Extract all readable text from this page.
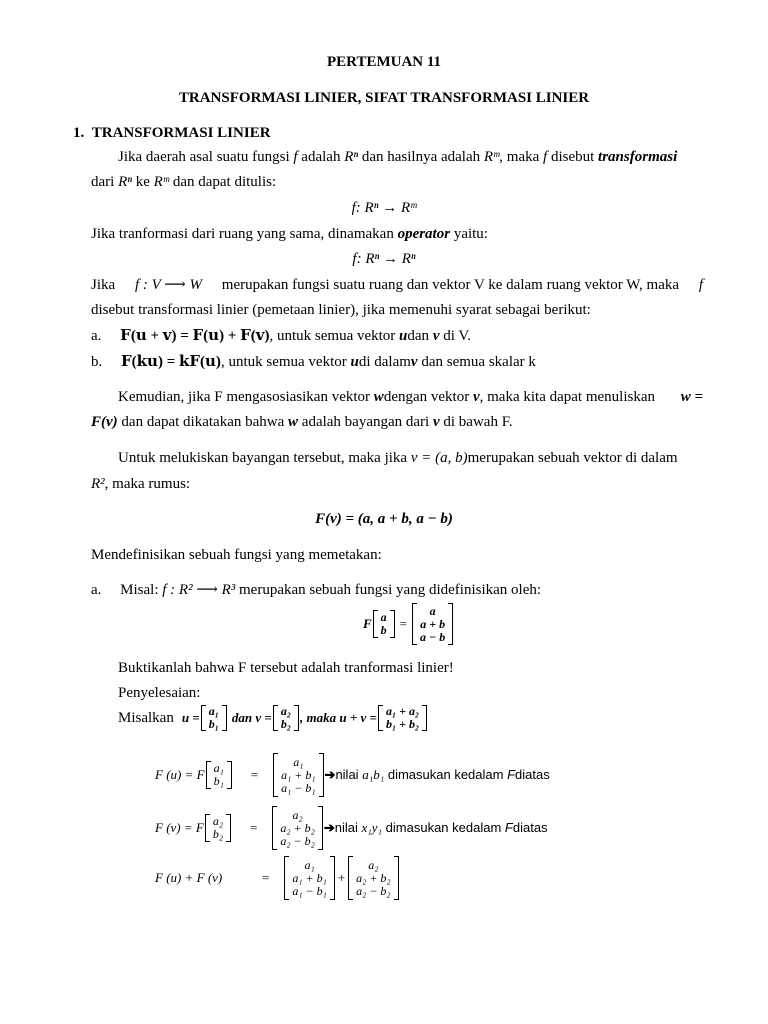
PERTEMUAN 11
TRANSFORMASI LINIER, SIFAT TRANSFORMASI LINIER
1. TRANSFORMASI LINIER
Jika daerah asal suatu fungsi f adalah Rⁿ dan hasilnya adalah Rᵐ, maka f disebut transformasi
dari Rⁿ ke Rᵐ dan dapat ditulis:
f: Rⁿ → Rᵐ
Jika tranformasi dari ruang yang sama, dinamakan operator yaitu:
f: Rⁿ → Rⁿ
Jika f : V ⟶ W merupakan fungsi suatu ruang dan vektor V ke dalam ruang vektor W, maka f
disebut transformasi linier (pemetaan linier), jika memenuhi syarat sebagai berikut:
a. 𝐅(𝐮 + 𝐯) = 𝐅(𝐮) + 𝐅(𝐯), untuk semua vektor udan v di V.
b. 𝐅(𝐤𝐮) = 𝐤𝐅(𝐮), untuk semua vektor udi dalamv dan semua skalar k
Kemudian, jika F mengasosiasikan vektor wdengan vektor v, maka kita dapat menuliskan w =
F(v) dan dapat dikatakan bahwa w adalah bayangan dari v di bawah F.
Untuk melukiskan bayangan tersebut, maka jika v = (a, b)merupakan sebuah vektor di dalam
R², maka rumus:
F(v) = (a, a + b, a − b)
Mendefinisikan sebuah fungsi yang memetakan:
a. Misal: f : R² ⟶ R³ merupakan sebuah fungsi yang didefinisikan oleh:
F a
b =
a
a + b
a − b
Buktikanlah bahwa F tersebut adalah tranformasi linier!
Penyelesaian:
Misalkan u = a₁
b₁ dan v = a₂
b₂ , maka u + v = a₁ + a₂
b₁ + b₂
F (u) = F a₁
b₁ =
a₁
a₁ + b₁
a₁ − b₁
➔ nilai a₁b₁ dimasukan kedalam Fdiatas
F (v) = F a₂
b₂ =
a₂
a₂ + b₂
a₂ − b₂
➔ nilai x₁y₁ dimasukan kedalam Fdiatas
F (u) + F (v)	=
a₁
a₁ + b₁
a₁ − b₁
+
a₂
a₂ + b₂
a₂ − b₂
